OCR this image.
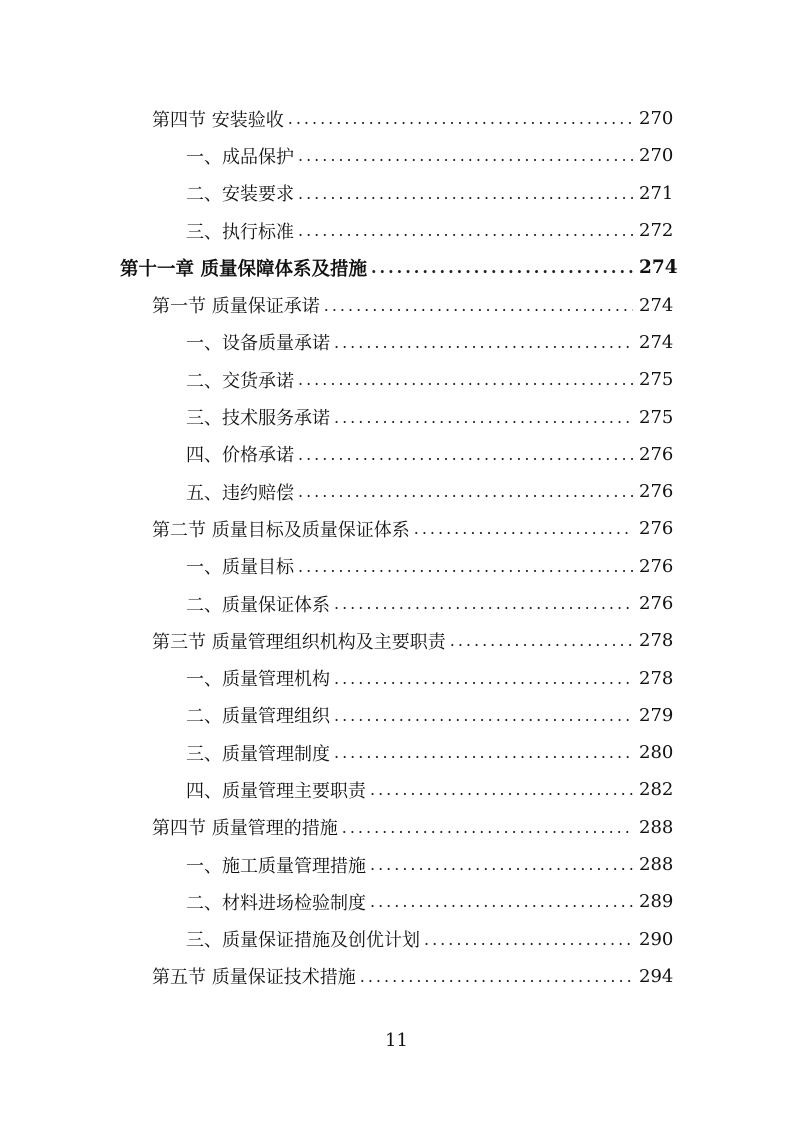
第四节 安装验收 .....	270
一、成品保护 .....	270
二、安装要求 .....	271
三、执行标准 .....	272
第十一章 质量保障体系及措施 .....	274
第一节 质量保证承诺 .....	274
一、设备质量承诺 .....	274
二、交货承诺 .....	275
三、技术服务承诺 .....	275
四、价格承诺 .....	276
五、违约赔偿 .....	276
第二节 质量目标及质量保证体系 .....	276
一、质量目标 .....	276
二、质量保证体系 .....	276
第三节 质量管理组织机构及主要职责 .....	278
一、质量管理机构 .....	278
二、质量管理组织 .....	279
三、质量管理制度 .....	280
四、质量管理主要职责 .....	282
第四节 质量管理的措施 .....	288
一、施工质量管理措施 .....	288
二、材料进场检验制度 .....	289
三、质量保证措施及创优计划 .....	290
第五节 质量保证技术措施 .....	294
11
